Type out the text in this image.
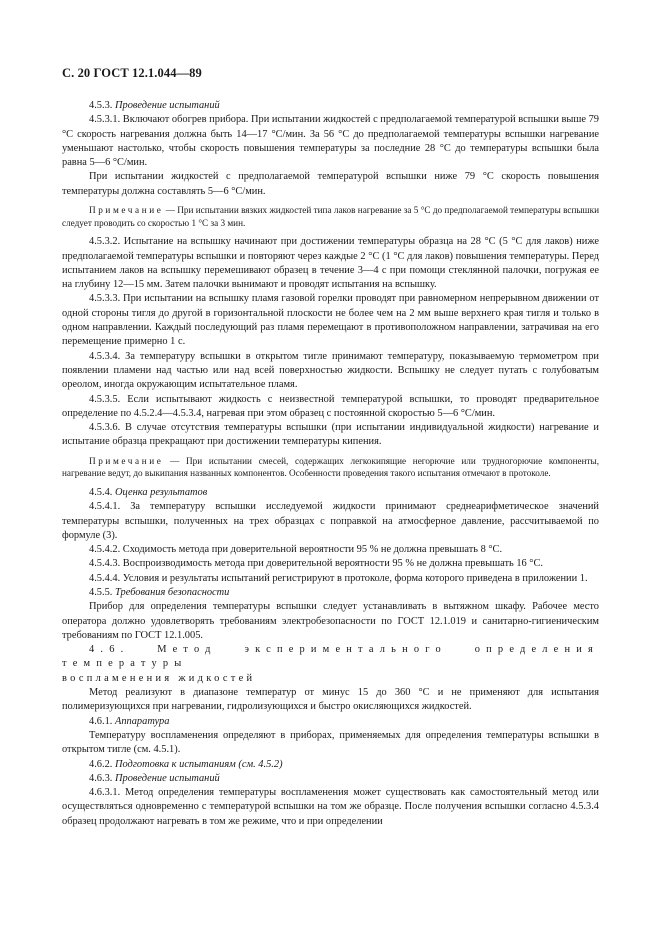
С. 20 ГОСТ 12.1.044—89

4.5.3. Проведение испытаний

4.5.3.1. Включают обогрев прибора. При испытании жидкостей с предполагаемой температурой вспышки выше 79 °С скорость нагревания должна быть 14—17 °С/мин. За 56 °С до предполагаемой температуры вспышки нагревание уменьшают настолько, чтобы скорость повышения температуры за последние 28 °С до температуры вспышки была равна 5—6 °С/мин.

При испытании жидкостей с предполагаемой температурой вспышки ниже 79 °С скорость повышения температуры должна составлять 5—6 °С/мин.

Примечание — При испытании вязких жидкостей типа лаков нагревание за 5 °С до предполагаемой температуры вспышки следует проводить со скоростью 1 °С за 3 мин.

4.5.3.2. Испытание на вспышку начинают при достижении температуры образца на 28 °С (5 °С для лаков) ниже предполагаемой температуры вспышки и повторяют через каждые 2 °С (1 °С для лаков) повышения температуры. Перед испытанием лаков на вспышку перемешивают образец в течение 3—4 с при помощи стеклянной палочки, погружая ее на глубину 12—15 мм. Затем палочки вынимают и проводят испытания на вспышку.

4.5.3.3. При испытании на вспышку пламя газовой горелки проводят при равномерном непрерывном движении от одной стороны тигля до другой в горизонтальной плоскости не более чем на 2 мм выше верхнего края тигля и только в одном направлении. Каждый последующий раз пламя перемещают в противоположном направлении, затрачивая на его перемещение примерно 1 с.

4.5.3.4. За температуру вспышки в открытом тигле принимают температуру, показываемую термометром при появлении пламени над частью или над всей поверхностью жидкости. Вспышку не следует путать с голубоватым ореолом, иногда окружающим испытательное пламя.

4.5.3.5. Если испытывают жидкость с неизвестной температурой вспышки, то проводят предварительное определение по 4.5.2.4—4.5.3.4, нагревая при этом образец с постоянной скоростью 5—6 °С/мин.

4.5.3.6. В случае отсутствия температуры вспышки (при испытании индивидуальной жидкости) нагревание и испытание образца прекращают при достижении температуры кипения.

Примечание — При испытании смесей, содержащих легкокипящие негорючие или трудногорючие компоненты, нагревание ведут, до выкипания названных компонентов. Особенности проведения такого испытания отмечают в протоколе.

4.5.4. Оценка результатов

4.5.4.1. За температуру вспышки исследуемой жидкости принимают среднеарифметическое значений температуры вспышки, полученных на трех образцах с поправкой на атмосферное давление, рассчитываемой по формуле (3).

4.5.4.2. Сходимость метода при доверительной вероятности 95 % не должна превышать 8 °С.

4.5.4.3. Воспроизводимость метода при доверительной вероятности 95 % не должна превышать 16 °С.

4.5.4.4. Условия и результаты испытаний регистрируют в протоколе, форма которого приведена в приложении 1.

4.5.5. Требования безопасности

Прибор для определения температуры вспышки следует устанавливать в вытяжном шкафу. Рабочее место оператора должно удовлетворять требованиям электробезопасности по ГОСТ 12.1.019 и санитарно-гигиеническим требованиям по ГОСТ 12.1.005.

4.6. Метод экспериментального определения температуры

воспламенения жидкостей

Метод реализуют в диапазоне температур от минус 15 до 360 °С и не применяют для испытания полимеризующихся при нагревании, гидролизующихся и быстро окисляющихся жидкостей.

4.6.1. Аппаратура

Температуру воспламенения определяют в приборах, применяемых для определения температуры вспышки в открытом тигле (см. 4.5.1).

4.6.2. Подготовка к испытаниям (см. 4.5.2)

4.6.3. Проведение испытаний

4.6.3.1. Метод определения температуры воспламенения может существовать как самостоятельный метод или осуществляться одновременно с температурой вспышки на том же образце. После получения вспышки согласно 4.5.3.4 образец продолжают нагревать в том же режиме, что и при определении
